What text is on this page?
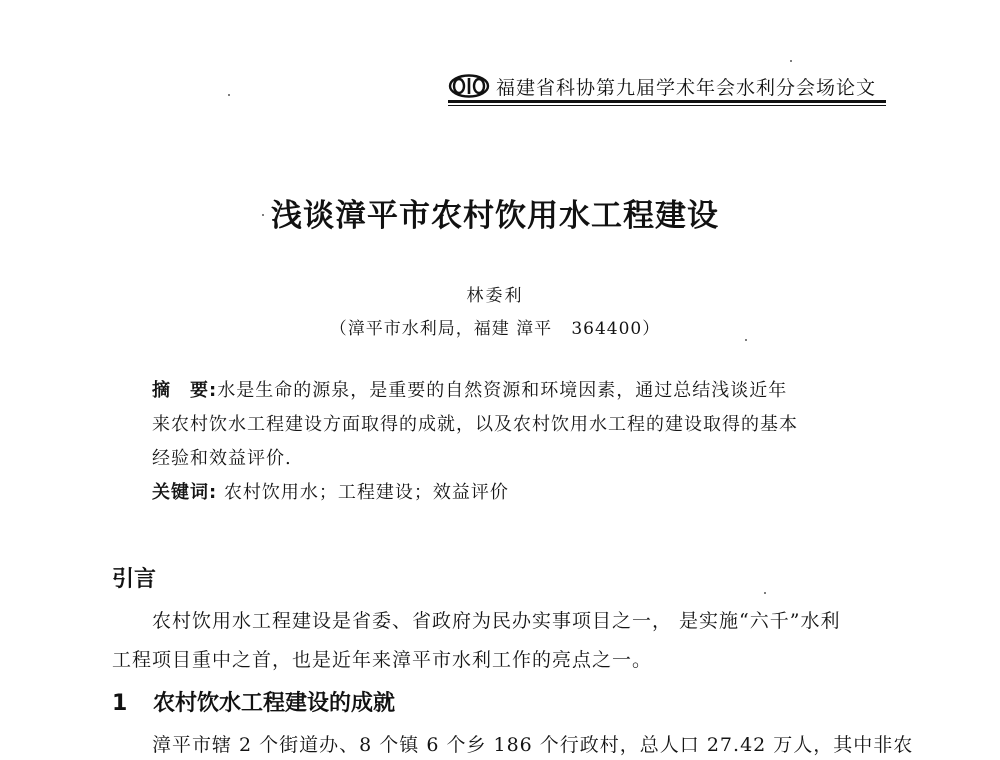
福建省科协第九届学术年会水利分会场论文
浅谈漳平市农村饮用水工程建设
林委利
（漳平市水利局，福建 漳平   364400）
摘　要:水是生命的源泉，是重要的自然资源和环境因素，通过总结浅谈近年
来农村饮水工程建设方面取得的成就，以及农村饮用水工程的建设取得的基本
经验和效益评价.
关键词: 农村饮用水；工程建设；效益评价
引言
农村饮用水工程建设是省委、省政府为民办实事项目之一， 是实施“六千”水利
工程项目重中之首，也是近年来漳平市水利工作的亮点之一。
1 农村饮水工程建设的成就
漳平市辖 2 个街道办、8 个镇 6 个乡 186 个行政村，总人口 27.42 万人，其中非农
